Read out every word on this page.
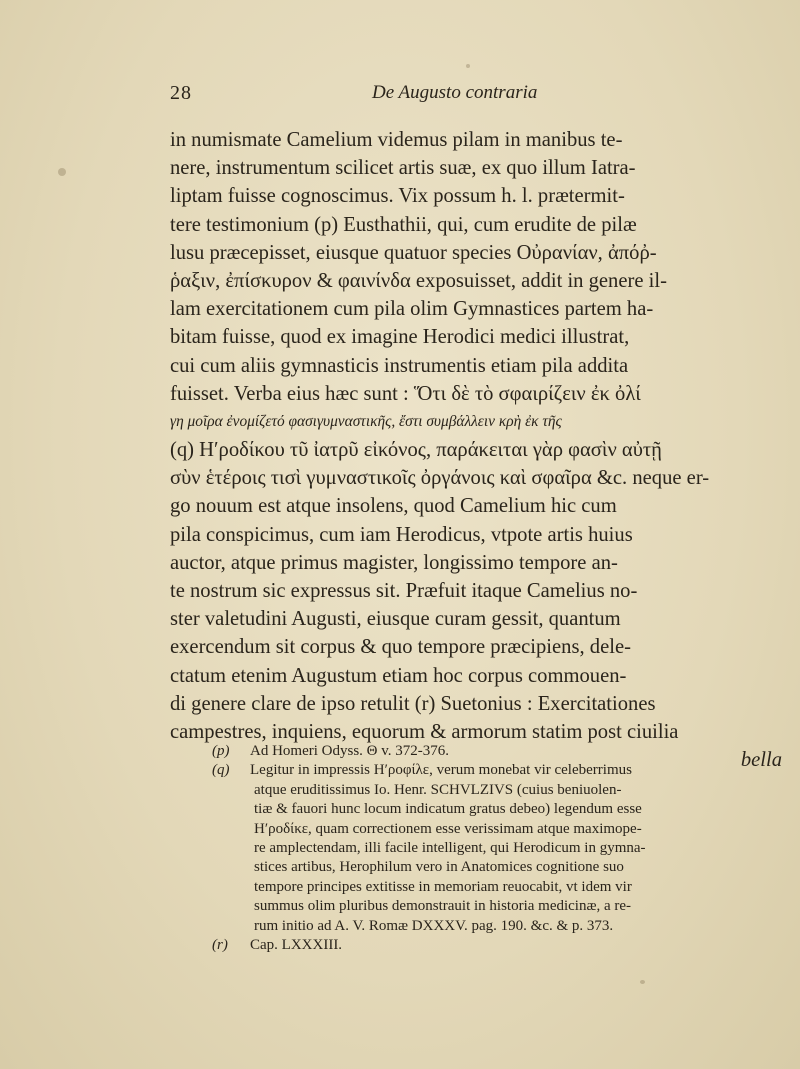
28	De Augusto contraria
in numismate Camelium videmus pilam in manibus te-
nere, instrumentum scilicet artis suæ, ex quo illum Iatra-
liptam fuisse cognoscimus. Vix possum h. l. prætermit-
tere testimonium (p) Eusthathii, qui, cum erudite de pilæ
lusu præcepisset, eiusque quatuor species Οὐρανίαν, ἀπόῤ-
ῥαξιν, ἐπίσκυρον & φαινίνδα exposuisset, addit in genere il-
lam exercitationem cum pila olim Gymnastices partem ha-
bitam fuisse, quod ex imagine Herodici medici illustrat,
cui cum aliis gymnasticis instrumentis etiam pila addita
fuisset. Verba eius hæc sunt : Ὅτι δὲ τὸ σφαιρίζειν ἐκ ὀλί
γη μοῖρα ἐνομίζετό φασιγυμναστικῆς, ἔστι συμβάλλειν κρὴ ἐκ τῆς
(q) Ηʹροδίκου τῦ ἰατρῦ εἰκόνος, παράκειται γὰρ φασὶν αὐτῇ
σὺν ἑτέροις τισὶ γυμναστικοῖς ὀργάνοις καὶ σφαῖρα &c. neque er-
go nouum est atque insolens, quod Camelium hic cum
pila conspicimus, cum iam Herodicus, vtpote artis huius
auctor, atque primus magister, longissimo tempore an-
te nostrum sic expressus sit. Præfuit itaque Camelius no-
ster valetudini Augusti, eiusque curam gessit, quantum
exercendum sit corpus & quo tempore præcipiens, dele-
ctatum etenim Augustum etiam hoc corpus commouen-
di genere clare de ipso retulit (r) Suetonius : Exercitationes
campestres, inquiens, equorum & armorum statim post ciuilia
bella
(p) Ad Homeri Odyss. Θ v. 372-376.
(q) Legitur in impressis Ηʹροφίλε, verum monebat vir celeberrimus
atque eruditissimus Io. Henr. SCHVLZIVS (cuius beniuolen-
tiæ & fauori hunc locum indicatum gratus debeo) legendum esse
Ηʹροδίκε, quam correctionem esse verissimam atque maximope-
re amplectendam, illi facile intelligent, qui Herodicum in gymna-
stices artibus, Herophilum vero in Anatomices cognitione suo
tempore principes extitisse in memoriam reuocabit, vt idem vir
summus olim pluribus demonstrauit in historia medicinæ, a re-
rum initio ad A. V. Romæ DXXXV. pag. 190. &c. & p. 373.
(r) Cap. LXXXIII.
